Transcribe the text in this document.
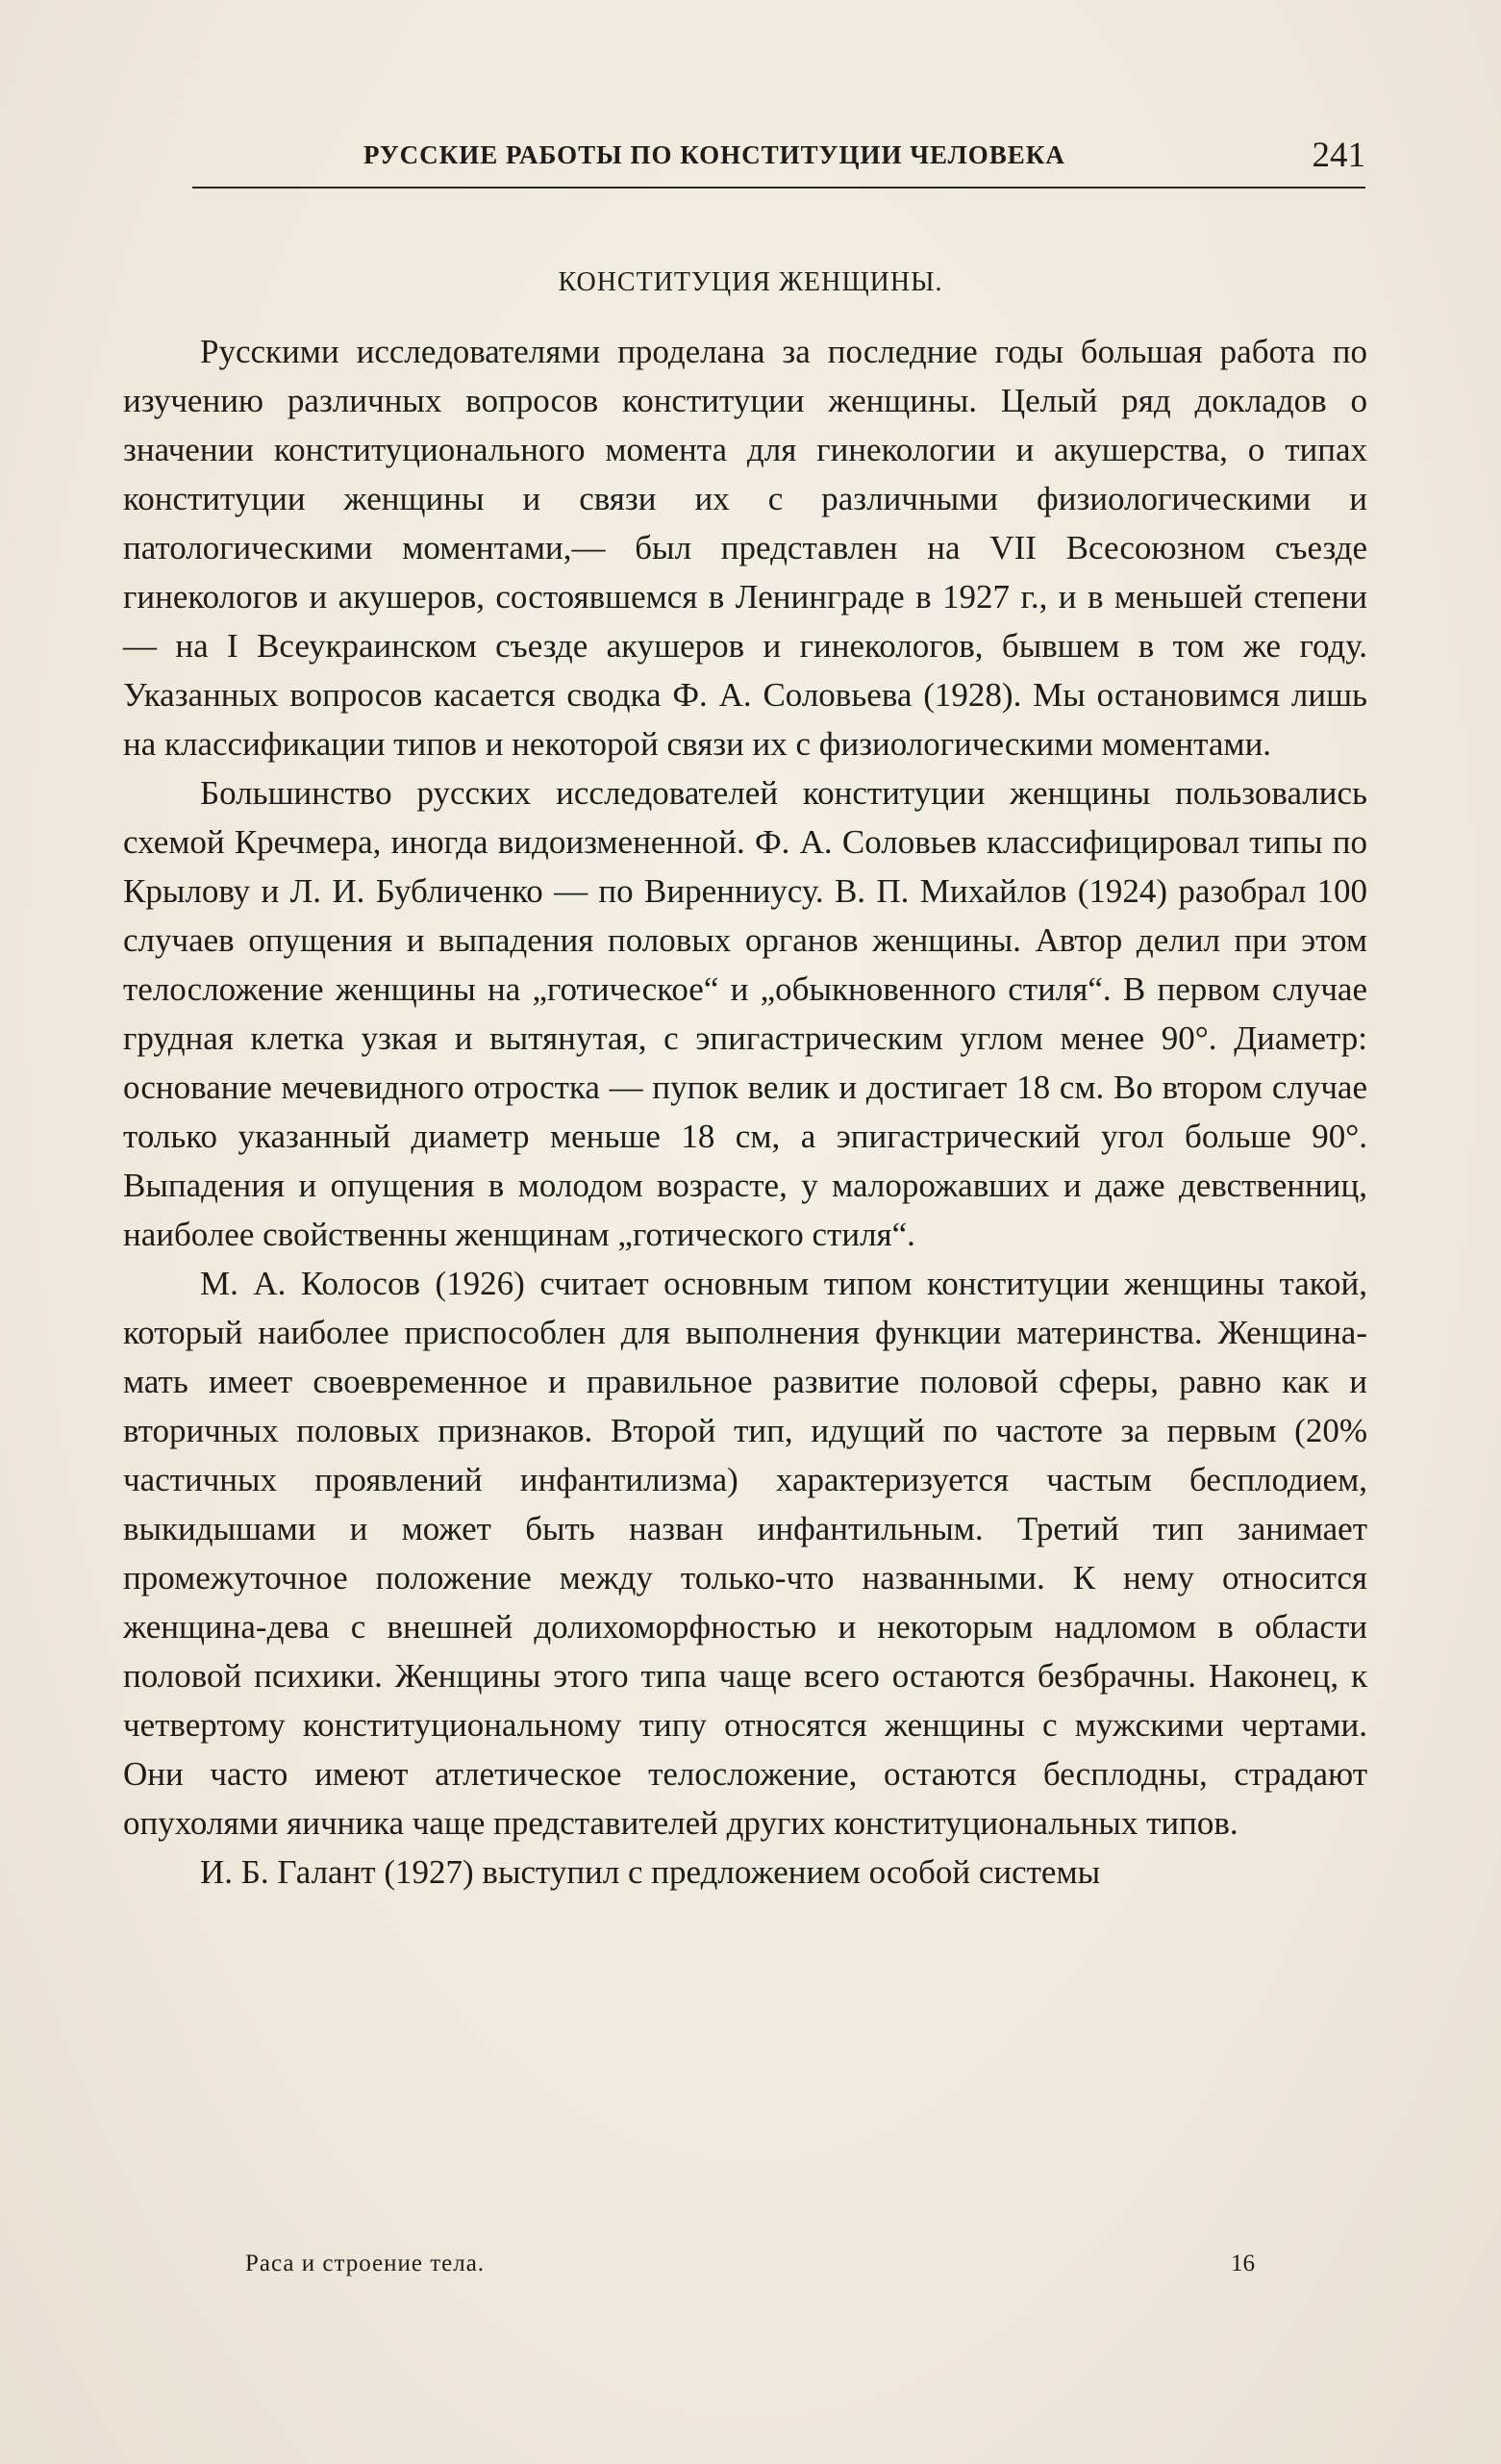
РУССКИЕ РАБОТЫ ПО КОНСТИТУЦИИ ЧЕЛОВЕКА	241
КОНСТИТУЦИЯ ЖЕНЩИНЫ.

Русскими исследователями проделана за последние годы большая работа по изучению различных вопросов конституции женщины. Целый ряд докладов о значении конституционального момента для гинекологии и акушерства, о типах конституции женщины и связи их с различными физиологическими и патологическими моментами,— был представлен на VII Всесоюзном съезде гинекологов и акушеров, состоявшемся в Ленинграде в 1927 г., и в меньшей степени — на I Всеукраинском съезде акушеров и гинекологов, бывшем в том же году. Указанных вопросов касается сводка Ф. А. Соловьева (1928). Мы остановимся лишь на классификации типов и некоторой связи их с физиологическими моментами.

Большинство русских исследователей конституции женщины пользовались схемой Кречмера, иногда видоизмененной. Ф. А. Соловьев классифицировал типы по Крылову и Л. И. Бубличенко — по Виренниусу. В. П. Михайлов (1924) разобрал 100 случаев опущения и выпадения половых органов женщины. Автор делил при этом телосложение женщины на „готическое“ и „обыкновенного стиля“. В первом случае грудная клетка узкая и вытянутая, с эпигастрическим углом менее 90°. Диаметр: основание мечевидного отростка — пупок велик и достигает 18 см. Во втором случае только указанный диаметр меньше 18 см, а эпигастрический угол больше 90°. Выпадения и опущения в молодом возрасте, у малорожавших и даже девственниц, наиболее свойственны женщинам „готического стиля“.

М. А. Колосов (1926) считает основным типом конституции женщины такой, который наиболее приспособлен для выполнения функции материнства. Женщина-мать имеет своевременное и правильное развитие половой сферы, равно как и вторичных половых признаков. Второй тип, идущий по частоте за первым (20% частичных проявлений инфантилизма) характеризуется частым бесплодием, выкидышами и может быть назван инфантильным. Третий тип занимает промежуточное положение между только-что названными. К нему относится женщина-дева с внешней долихоморфностью и некоторым надломом в области половой психики. Женщины этого типа чаще всего остаются безбрачны. Наконец, к четвертому конституциональному типу относятся женщины с мужскими чертами. Они часто имеют атлетическое телосложение, остаются бесплодны, страдают опухолями яичника чаще представителей других конституциональных типов.

И. Б. Галант (1927) выступил с предложением особой системы

Раса и строение тела.	16
